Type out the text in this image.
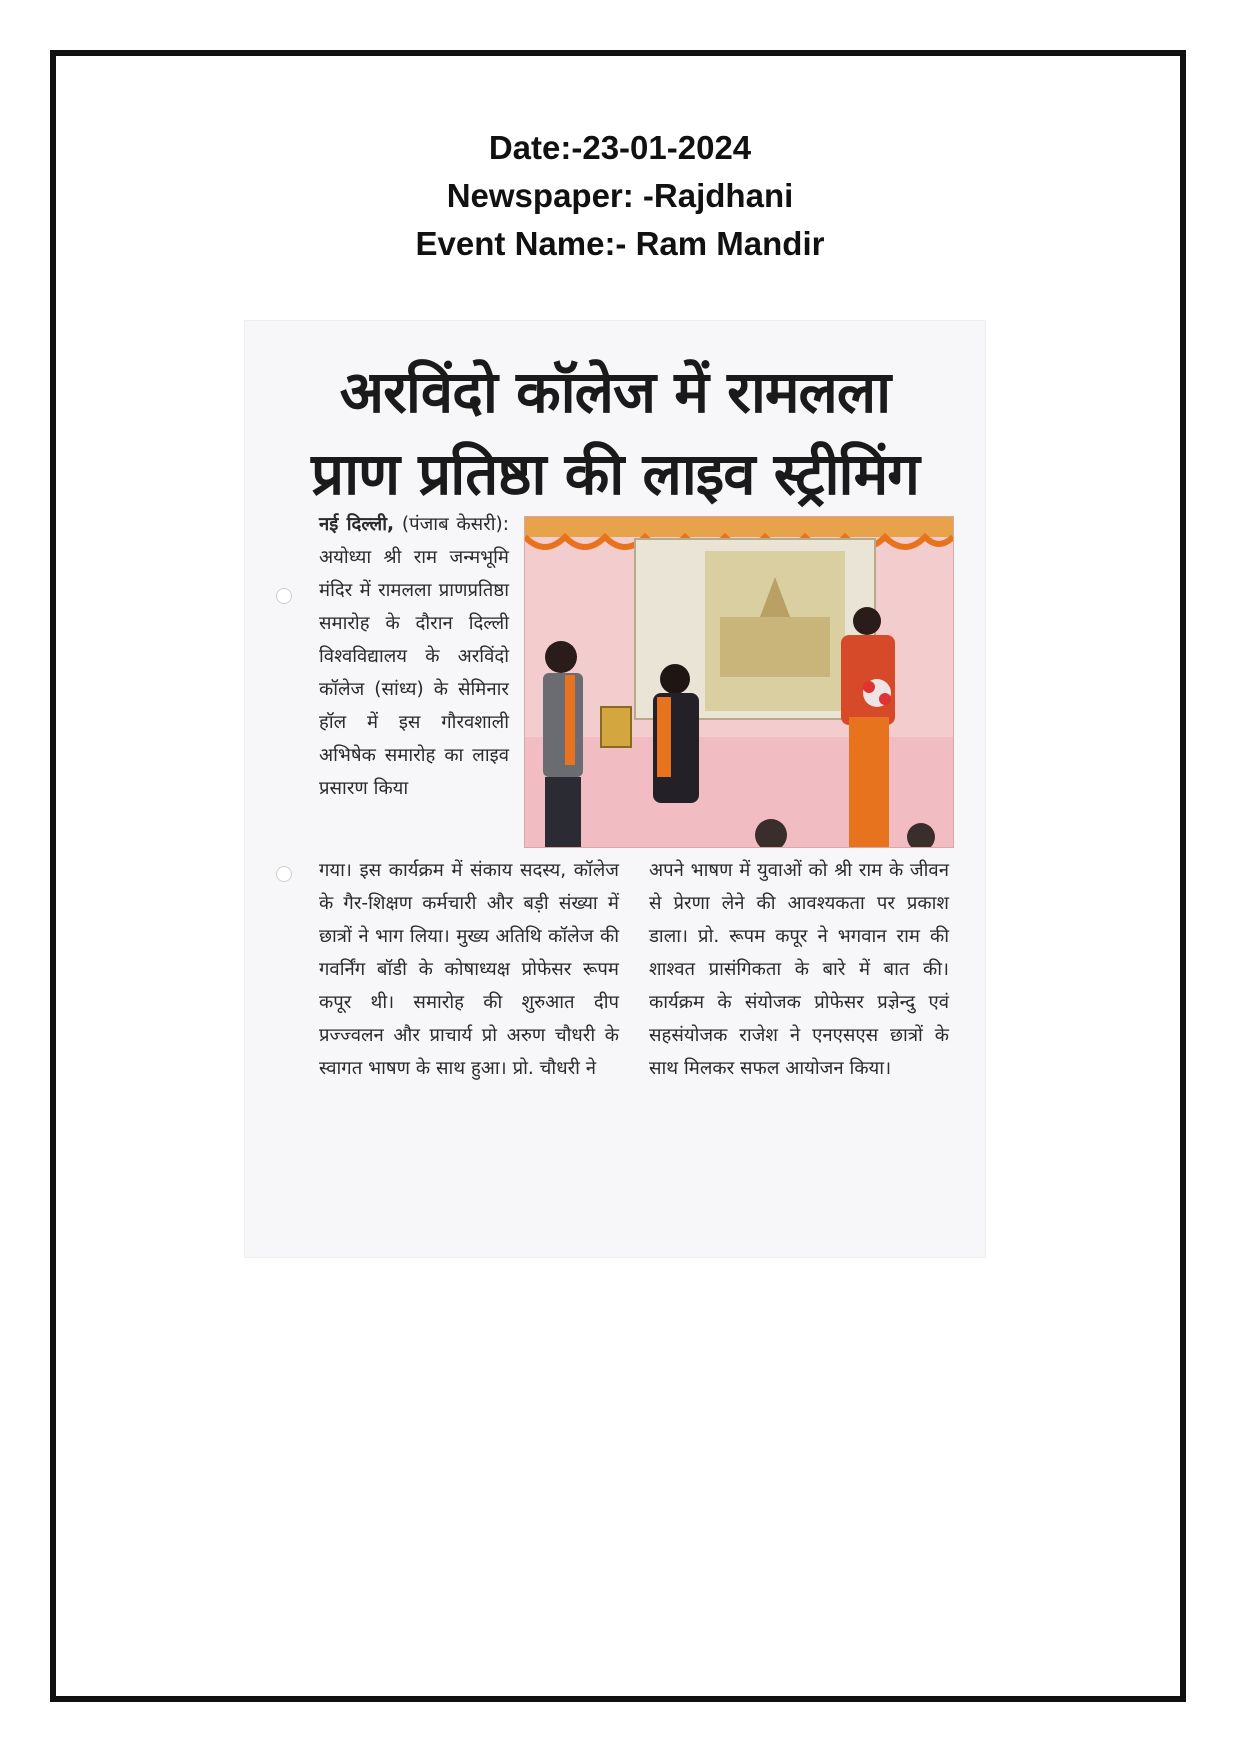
Date:-23-01-2024
Newspaper: -Rajdhani
Event Name:- Ram Mandir
अरविंदो कॉलेज में रामलला
प्राण प्रतिष्ठा की लाइव स्ट्रीमिंग

नई दिल्ली, (पंजाब केसरी): अयोध्या श्री राम जन्मभूमि मंदिर में रामलला प्राणप्रतिष्ठा समारोह के दौरान दिल्ली विश्वविद्यालय के अरविंदो कॉलेज (सांध्य) के सेमिनार हॉल में इस गौरवशाली अभिषेक समारोह का लाइव प्रसारण किया

गया। इस कार्यक्रम में संकाय सदस्य, कॉलेज के गैर-शिक्षण कर्मचारी और बड़ी संख्या में छात्रों ने भाग लिया। मुख्य अतिथि कॉलेज की गवर्निंग बॉडी के कोषाध्यक्ष प्रोफेसर रूपम कपूर थी। समारोह की शुरुआत दीप प्रज्ज्वलन और प्राचार्य प्रो अरुण चौधरी के स्वागत भाषण के साथ हुआ। प्रो. चौधरी ने

अपने भाषण में युवाओं को श्री राम के जीवन से प्रेरणा लेने की आवश्यकता पर प्रकाश डाला। प्रो. रूपम कपूर ने भगवान राम की शाश्वत प्रासंगिकता के बारे में बात की। कार्यक्रम के संयोजक प्रोफेसर प्रज्ञेन्दु एवं सहसंयोजक राजेश ने एनएसएस छात्रों के साथ मिलकर सफल आयोजन किया।
